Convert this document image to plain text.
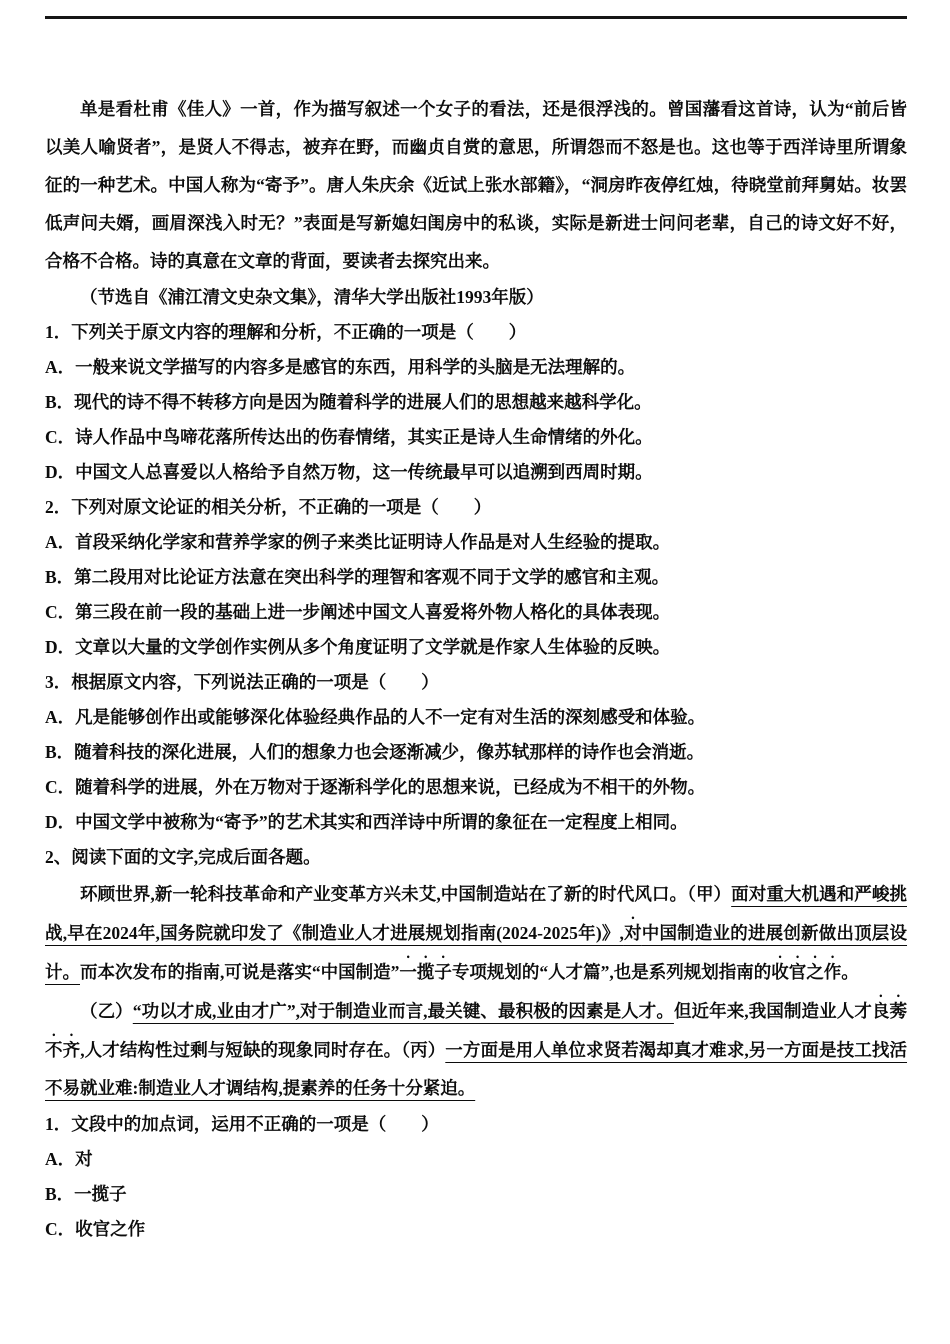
单是看杜甫《佳人》一首，作为描写叙述一个女子的看法，还是很浮浅的。曾国藩看这首诗，认为“前后皆以美人喻贤者”，是贤人不得志，被弃在野，而幽贞自赏的意思，所谓怨而不怒是也。这也等于西洋诗里所谓象征的一种艺术。中国人称为“寄予”。唐人朱庆余《近试上张水部籍》，“洞房昨夜停红烛，待晓堂前拜舅姑。妆罢低声问夫婿，画眉深浅入时无？”表面是写新媳妇闺房中的私谈，实际是新进士问问老辈，自己的诗文好不好，合格不合格。诗的真意在文章的背面，要读者去探究出来。

（节选自《浦江清文史杂文集》，清华大学出版社1993年版）

1．下列关于原文内容的理解和分析，不正确的一项是（　　）

A．一般来说文学描写的内容多是感官的东西，用科学的头脑是无法理解的。

B．现代的诗不得不转移方向是因为随着科学的进展人们的思想越来越科学化。

C．诗人作品中鸟啼花落所传达出的伤春情绪，其实正是诗人生命情绪的外化。

D．中国文人总喜爱以人格给予自然万物，这一传统最早可以追溯到西周时期。

2．下列对原文论证的相关分析，不正确的一项是（　　）

A．首段采纳化学家和营养学家的例子来类比证明诗人作品是对人生经验的提取。

B．第二段用对比论证方法意在突出科学的理智和客观不同于文学的感官和主观。

C．第三段在前一段的基础上进一步阐述中国文人喜爱将外物人格化的具体表现。

D．文章以大量的文学创作实例从多个角度证明了文学就是作家人生体验的反映。

3．根据原文内容，下列说法正确的一项是（　　）

A．凡是能够创作出或能够深化体验经典作品的人不一定有对生活的深刻感受和体验。

B．随着科技的深化进展，人们的想象力也会逐渐减少，像苏轼那样的诗作也会消逝。

C．随着科学的进展，外在万物对于逐渐科学化的思想来说，已经成为不相干的外物。

D．中国文学中被称为“寄予”的艺术其实和西洋诗中所谓的象征在一定程度上相同。

2、阅读下面的文字,完成后面各题。

环顾世界,新一轮科技革命和产业变革方兴未艾,中国制造站在了新的时代风口。（甲）面对重大机遇和严峻挑战,早在2024年,国务院就印发了《制造业人才进展规划指南(2024-2025年)》,对中国制造业的进展创新做出顶层设计。而本次发布的指南,可说是落实“中国制造”一揽子专项规划的“人才篇”,也是系列规划指南的收官之作。

（乙）“功以才成,业由才广”,对于制造业而言,最关键、最积极的因素是人才。但近年来,我国制造业人才良莠不齐,人才结构性过剩与短缺的现象同时存在。（丙）一方面是用人单位求贤若渴却真才难求,另一方面是技工找活不易就业难:制造业人才调结构,提素养的任务十分紧迫。

1．文段中的加点词，运用不正确的一项是（　　）

A．对

B．一揽子

C．收官之作
